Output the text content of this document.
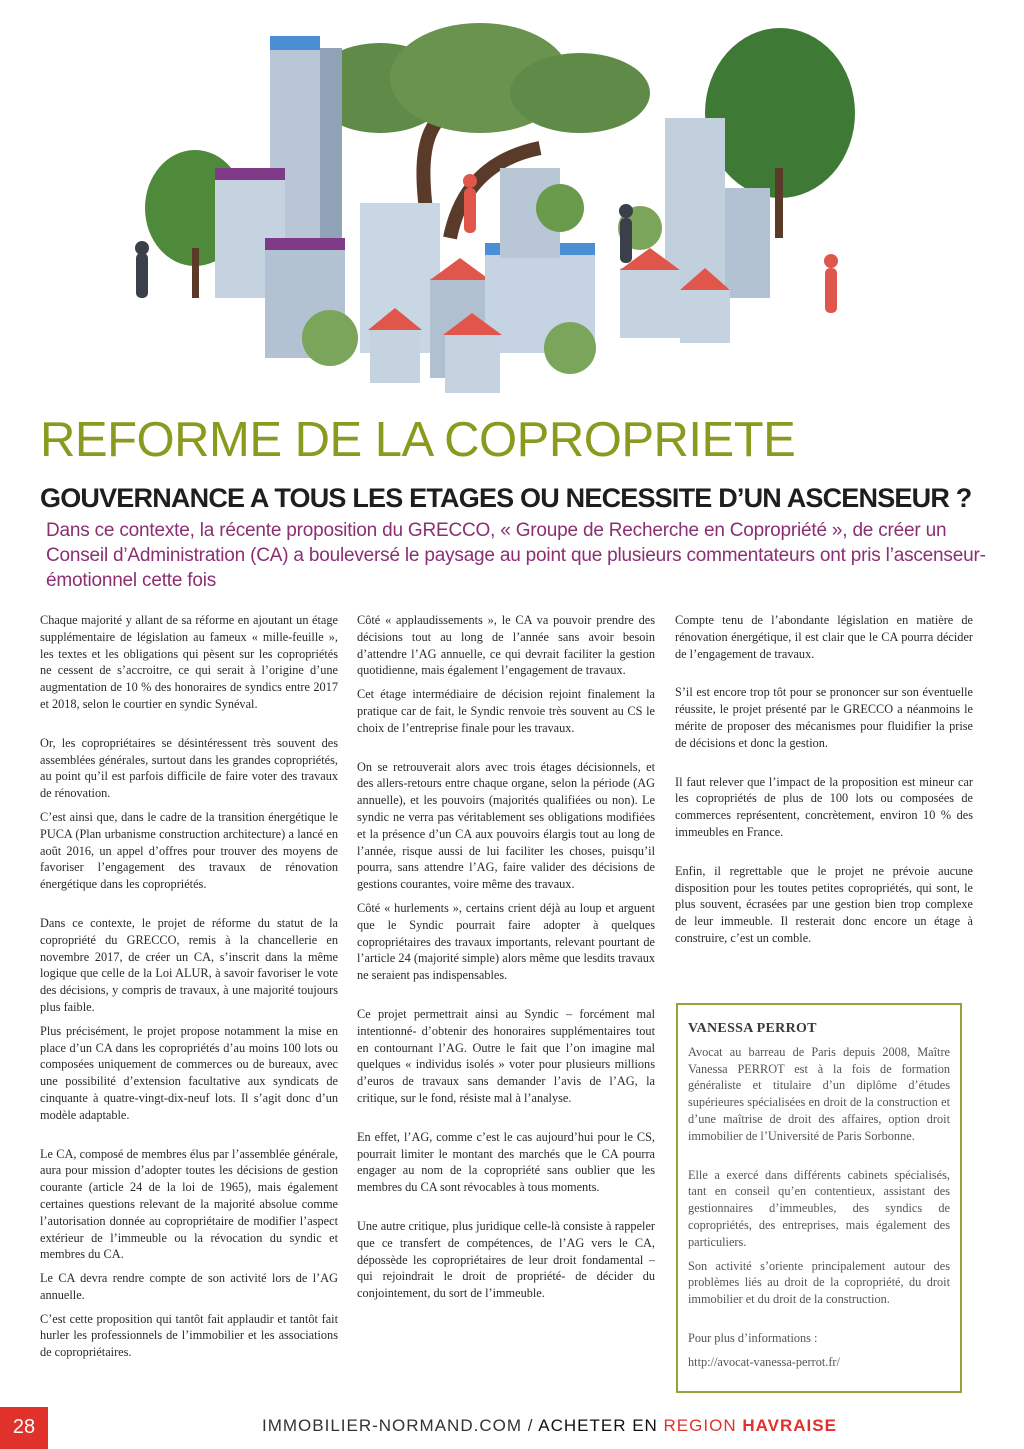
REFORME DE LA COPROPRIETE
GOUVERNANCE A TOUS LES ETAGES OU NECESSITE D’UN ASCENSEUR ?

Dans ce contexte, la récente proposition du GRECCO, « Groupe de Recherche en Copropriété », de créer un Conseil d’Administration (CA) a bouleversé le paysage au point que plusieurs commentateurs ont pris l’ascenseur- émotionnel cette fois

Chaque majorité y allant de sa réforme en ajoutant un étage supplémentaire de législation au fameux « mille-feuille », les textes et les obligations qui pèsent sur les copropriétés ne cessent de s’accroitre, ce qui serait à l’origine d’une augmentation de 10 % des honoraires de syndics entre 2017 et 2018, selon le courtier en syndic Synéval.

Or, les copropriétaires se désintéressent très souvent des assemblées générales, surtout dans les grandes copropriétés, au point qu’il est parfois difficile de faire voter des travaux de rénovation.

C’est ainsi que, dans le cadre de la transition énergétique le PUCA (Plan urbanisme construction architecture) a lancé en août 2016, un appel d’offres pour trouver des moyens de favoriser l’engagement des travaux de rénovation énergétique dans les copropriétés.

Dans ce contexte, le projet de réforme du statut de la copropriété du GRECCO, remis à la chancellerie en novembre 2017, de créer un CA, s’inscrit dans la même logique que celle de la Loi ALUR, à savoir favoriser le vote des décisions, y compris de travaux, à une majorité toujours plus faible.

Plus précisément, le projet propose notamment la mise en place d’un CA dans les copropriétés d’au moins 100 lots ou composées uniquement de commerces ou de bureaux, avec une possibilité d’extension facultative aux syndicats de cinquante à quatre-vingt-dix-neuf lots. Il s’agit donc d’un modèle adaptable.

Le CA, composé de membres élus par l’assemblée générale, aura pour mission d’adopter toutes les décisions de gestion courante (article 24 de la loi de 1965), mais également certaines questions relevant de la majorité absolue comme l’autorisation donnée au copropriétaire de modifier l’aspect extérieur de l’immeuble ou la révocation du syndic et membres du CA.

Le CA devra rendre compte de son activité lors de l’AG annuelle.

C’est cette proposition qui tantôt fait applaudir et tantôt fait hurler les professionnels de l’immobilier et les associations de copropriétaires.

Côté « applaudissements », le CA va pouvoir prendre des décisions tout au long de l’année sans avoir besoin d’attendre l’AG annuelle, ce qui devrait faciliter la gestion quotidienne, mais également l’engagement de travaux.

Cet étage intermédiaire de décision rejoint finalement la pratique car de fait, le Syndic renvoie très souvent au CS le choix de l’entreprise finale pour les travaux.

On se retrouverait alors avec trois étages décisionnels, et des allers-retours entre chaque organe, selon la période (AG annuelle), et les pouvoirs (majorités qualifiées ou non). Le syndic ne verra pas véritablement ses obligations modifiées et la présence d’un CA aux pouvoirs élargis tout au long de l’année, risque aussi de lui faciliter les choses, puisqu’il pourra, sans attendre l’AG, faire valider des décisions de gestions courantes, voire même des travaux.

Côté « hurlements », certains crient déjà au loup et arguent que le Syndic pourrait faire adopter à quelques copropriétaires des travaux importants, relevant pourtant de l’article 24 (majorité simple) alors même que lesdits travaux ne seraient pas indispensables.

Ce projet permettrait ainsi au Syndic – forcément mal intentionné- d’obtenir des honoraires supplémentaires tout en contournant l’AG. Outre le fait que l’on imagine mal quelques « individus isolés » voter pour plusieurs millions d’euros de travaux sans demander l’avis de l’AG, la critique, sur le fond, résiste mal à l’analyse.

En effet, l’AG, comme c’est le cas aujourd’hui pour le CS, pourrait limiter le montant des marchés que le CA pourra engager au nom de la copropriété sans oublier que les membres du CA sont révocables à tous moments.

Une autre critique, plus juridique celle-là consiste à rappeler que ce transfert de compétences, de l’AG vers le CA, dépossède les copropriétaires de leur droit fondamental – qui rejoindrait le droit de propriété- de décider du conjointement, du sort de l’immeuble.

Compte tenu de l’abondante législation en matière de rénovation énergétique, il est clair que le CA pourra décider de l’engagement de travaux.

S’il est encore trop tôt pour se prononcer sur son éventuelle réussite, le projet présenté par le GRECCO a néanmoins le mérite de proposer des mécanismes pour fluidifier la prise de décisions et donc la gestion.

Il faut relever que l’impact de la proposition est mineur car les copropriétés de plus de 100 lots ou composées de commerces représentent, concrètement, environ 10 % des immeubles en France.

Enfin, il regrettable que le projet ne prévoie aucune disposition pour les toutes petites copropriétés, qui sont, le plus souvent, écrasées par une gestion bien trop complexe de leur immeuble. Il resterait donc encore un étage à construire, c’est un comble.

VANESSA PERROT

Avocat au barreau de Paris depuis 2008, Maître Vanessa PERROT est à la fois de formation généraliste et titulaire d’un diplôme d’études supérieures spécialisées en droit de la construction et d’une maîtrise de droit des affaires, option droit immobilier de l’Université de Paris Sorbonne.

Elle a exercé dans différents cabinets spécialisés, tant en conseil qu’en contentieux, assistant des gestionnaires d’immeubles, des syndics de copropriétés, des entreprises, mais également des particuliers.

Son activité s’oriente principalement autour des problèmes liés au droit de la copropriété, du droit immobilier et du droit de la construction.

Pour plus d’informations :

http://avocat-vanessa-perrot.fr/

28	IMMOBILIER-NORMAND.COM / ACHETER EN REGION HAVRAISE
